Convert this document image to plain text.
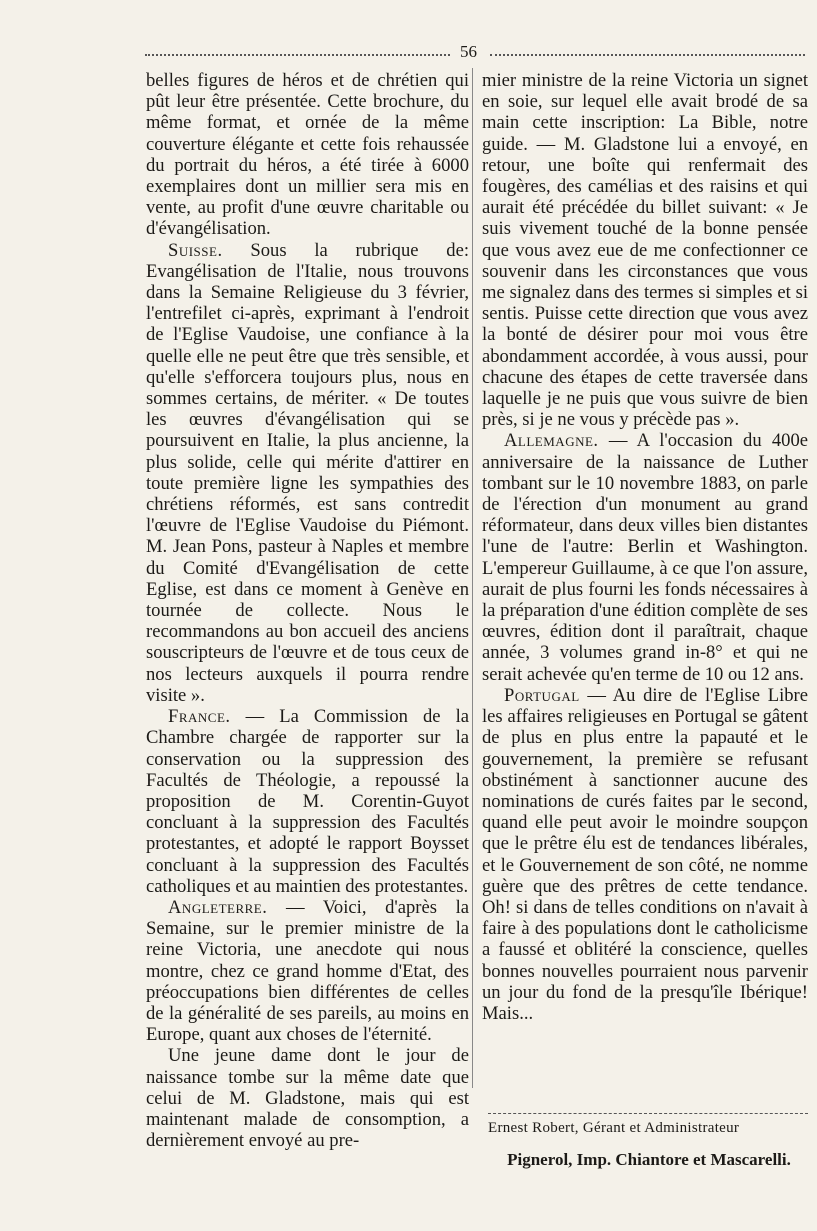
56

belles figures de héros et de chrétien qui pût leur être présentée. Cette brochure, du même format, et ornée de la même couverture élégante et cette fois rehaussée du portrait du héros, a été tirée à 6000 exemplaires dont un millier sera mis en vente, au profit d'une œuvre charitable ou d'évangélisation.

Suisse. Sous la rubrique de: Evangélisation de l'Italie, nous trouvons dans la Semaine Religieuse du 3 février, l'entrefilet ci-après, exprimant à l'endroit de l'Eglise Vaudoise, une confiance à la quelle elle ne peut être que très sensible, et qu'elle s'efforcera toujours plus, nous en sommes certains, de mériter. « De toutes les œuvres d'évangélisation qui se poursuivent en Italie, la plus ancienne, la plus solide, celle qui mérite d'attirer en toute première ligne les sympathies des chrétiens réformés, est sans contredit l'œuvre de l'Eglise Vaudoise du Piémont. M. Jean Pons, pasteur à Naples et membre du Comité d'Evangélisation de cette Eglise, est dans ce moment à Genève en tournée de collecte. Nous le recommandons au bon accueil des anciens souscripteurs de l'œuvre et de tous ceux de nos lecteurs auxquels il pourra rendre visite ».

France. — La Commission de la Chambre chargée de rapporter sur la conservation ou la suppression des Facultés de Théologie, a repoussé la proposition de M. Corentin-Guyot concluant à la suppression des Facultés protestantes, et adopté le rapport Boysset concluant à la suppression des Facultés catholiques et au maintien des protestantes.

Angleterre. — Voici, d'après la Semaine, sur le premier ministre de la reine Victoria, une anecdote qui nous montre, chez ce grand homme d'Etat, des préoccupations bien différentes de celles de la généralité de ses pareils, au moins en Europe, quant aux choses de l'éternité.

Une jeune dame dont le jour de naissance tombe sur la même date que celui de M. Gladstone, mais qui est maintenant malade de consomption, a dernièrement envoyé au pre-

mier ministre de la reine Victoria un signet en soie, sur lequel elle avait brodé de sa main cette inscription: La Bible, notre guide. — M. Gladstone lui a envoyé, en retour, une boîte qui renfermait des fougères, des camélias et des raisins et qui aurait été précédée du billet suivant: « Je suis vivement touché de la bonne pensée que vous avez eue de me confectionner ce souvenir dans les circonstances que vous me signalez dans des termes si simples et si sentis. Puisse cette direction que vous avez la bonté de désirer pour moi vous être abondamment accordée, à vous aussi, pour chacune des étapes de cette traversée dans laquelle je ne puis que vous suivre de bien près, si je ne vous y précède pas ».

Allemagne. — A l'occasion du 400e anniversaire de la naissance de Luther tombant sur le 10 novembre 1883, on parle de l'érection d'un monument au grand réformateur, dans deux villes bien distantes l'une de l'autre: Berlin et Washington. L'empereur Guillaume, à ce que l'on assure, aurait de plus fourni les fonds nécessaires à la préparation d'une édition complète de ses œuvres, édition dont il paraîtrait, chaque année, 3 volumes grand in-8° et qui ne serait achevée qu'en terme de 10 ou 12 ans.

Portugal — Au dire de l'Eglise Libre les affaires religieuses en Portugal se gâtent de plus en plus entre la papauté et le gouvernement, la première se refusant obstinément à sanctionner aucune des nominations de curés faites par le second, quand elle peut avoir le moindre soupçon que le prêtre élu est de tendances libérales, et le Gouvernement de son côté, ne nomme guère que des prêtres de cette tendance. Oh! si dans de telles conditions on n'avait à faire à des populations dont le catholicisme a faussé et oblitéré la conscience, quelles bonnes nouvelles pourraient nous parvenir un jour du fond de la presqu'île Ibérique! Mais...

Ernest Robert, Gérant et Administrateur
Pignerol, Imp. Chiantore et Mascarelli.
